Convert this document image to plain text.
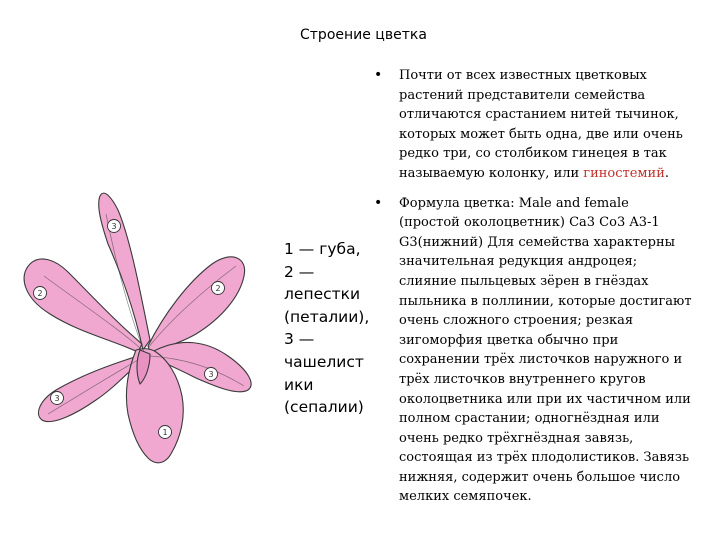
Строение цветка
3
2
2
3
3
1
1 — губа,
2 —
лепестки
(петалии),
3 —
чашелист
ики
(сепалии)
• Почти от всех известных цветковых растений представители семейства отличаются срастанием нитей тычинок, которых может быть одна, две или очень редко три, со столбиком гинецея в так называемую колонку, или гиностемий.
• Формула цветка: Male and female (простой околоцветник) Ca3 Co3 A3-1 G3(нижний) Для семейства характерны значительная редукция андроцея; слияние пыльцевых зёрен в гнёздах пыльника в поллинии, которые достигают очень сложного строения; резкая зигоморфия цветка обычно при сохранении трёх листочков наружного и трёх листочков внутреннего кругов околоцветника или при их частичном или полном срастании; одногнёздная или очень редко трёхгнёздная завязь, состоящая из трёх плодолистиков. Завязь нижняя, содержит очень большое число мелких семяпочек.
